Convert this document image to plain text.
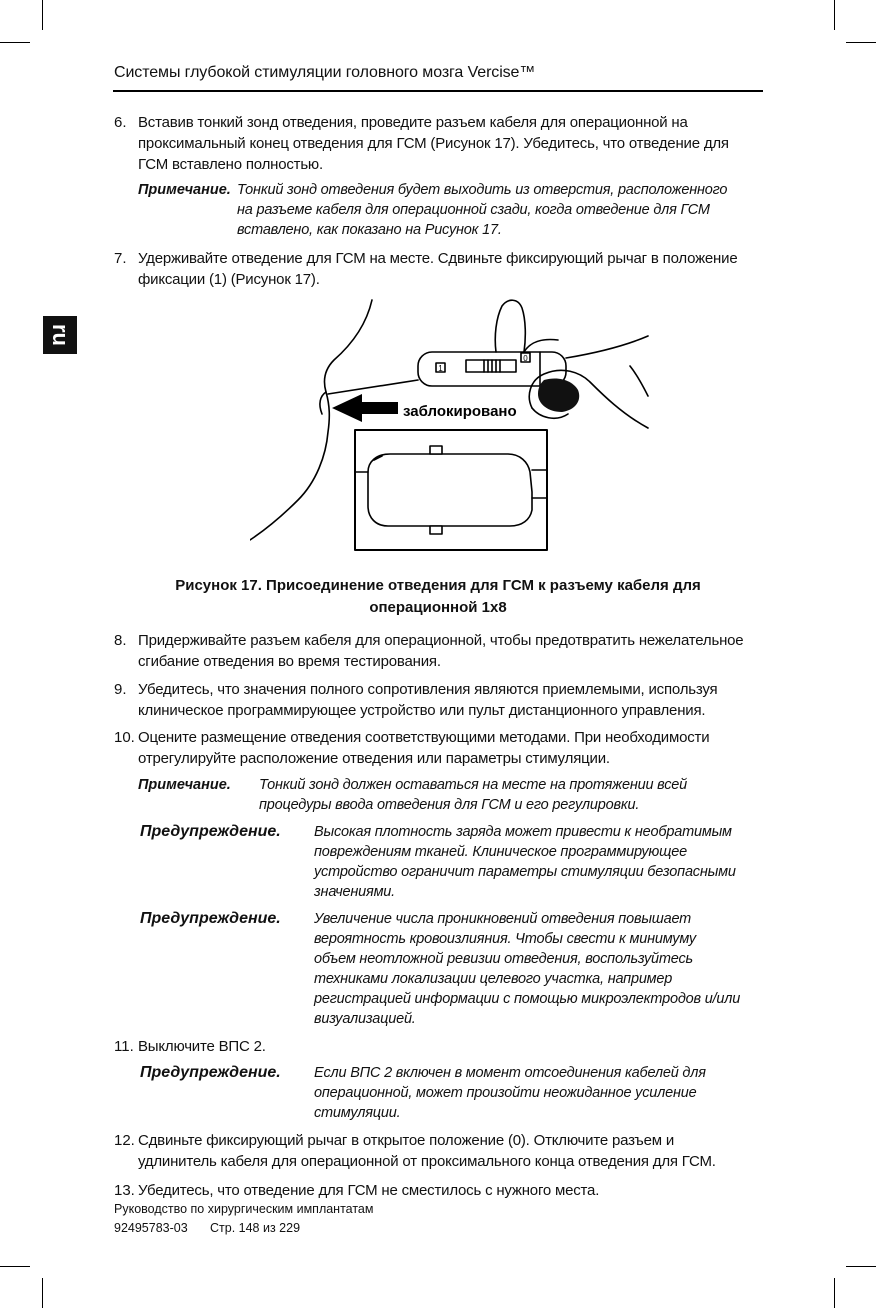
Системы глубокой стимуляции головного мозга Vercise™
ru
6. Вставив тонкий зонд отведения, проведите разъем кабеля для операционной на
проксимальный конец отведения для ГСМ (Рисунок 17). Убедитесь, что отведение для
ГСМ вставлено полностью.
Примечание. Тонкий зонд отведения будет выходить из отверстия, расположенного
на разъеме кабеля для операционной сзади, когда отведение для ГСМ
вставлено, как показано на Рисунок 17.
7. Удерживайте отведение для ГСМ на месте. Сдвиньте фиксирующий рычаг в положение
фиксации (1) (Рисунок 17).
1
0
заблокировано
Рисунок 17. Присоединение отведения для ГСМ к разъему кабеля для
операционной 1x8
8. Придерживайте разъем кабеля для операционной, чтобы предотвратить нежелательное
сгибание отведения во время тестирования.
9. Убедитесь, что значения полного сопротивления являются приемлемыми, используя
клиническое программирующее устройство или пульт дистанционного управления.
10. Оцените размещение отведения соответствующими методами. При необходимости
отрегулируйте расположение отведения или параметры стимуляции.
Примечание. Тонкий зонд должен оставаться на месте на протяжении всей
процедуры ввода отведения для ГСМ и его регулировки.
Предупреждение. Высокая плотность заряда может привести к необратимым
повреждениям тканей. Клиническое программирующее
устройство ограничит параметры стимуляции безопасными
значениями.
Предупреждение. Увеличение числа проникновений отведения повышает
вероятность кровоизлияния. Чтобы свести к минимуму
объем неотложной ревизии отведения, воспользуйтесь
техниками локализации целевого участка, например
регистрацией информации с помощью микроэлектродов и/или
визуализацией.
11. Выключите ВПС 2.
Предупреждение. Если ВПС 2 включен в момент отсоединения кабелей для
операционной, может произойти неожиданное усиление
стимуляции.
12. Сдвиньте фиксирующий рычаг в открытое положение (0). Отключите разъем и
удлинитель кабеля для операционной от проксимального конца отведения для ГСМ.
13. Убедитесь, что отведение для ГСМ не сместилось с нужного места.
Руководство по хирургическим имплантатам
92495783-03 Стр. 148 из 229
